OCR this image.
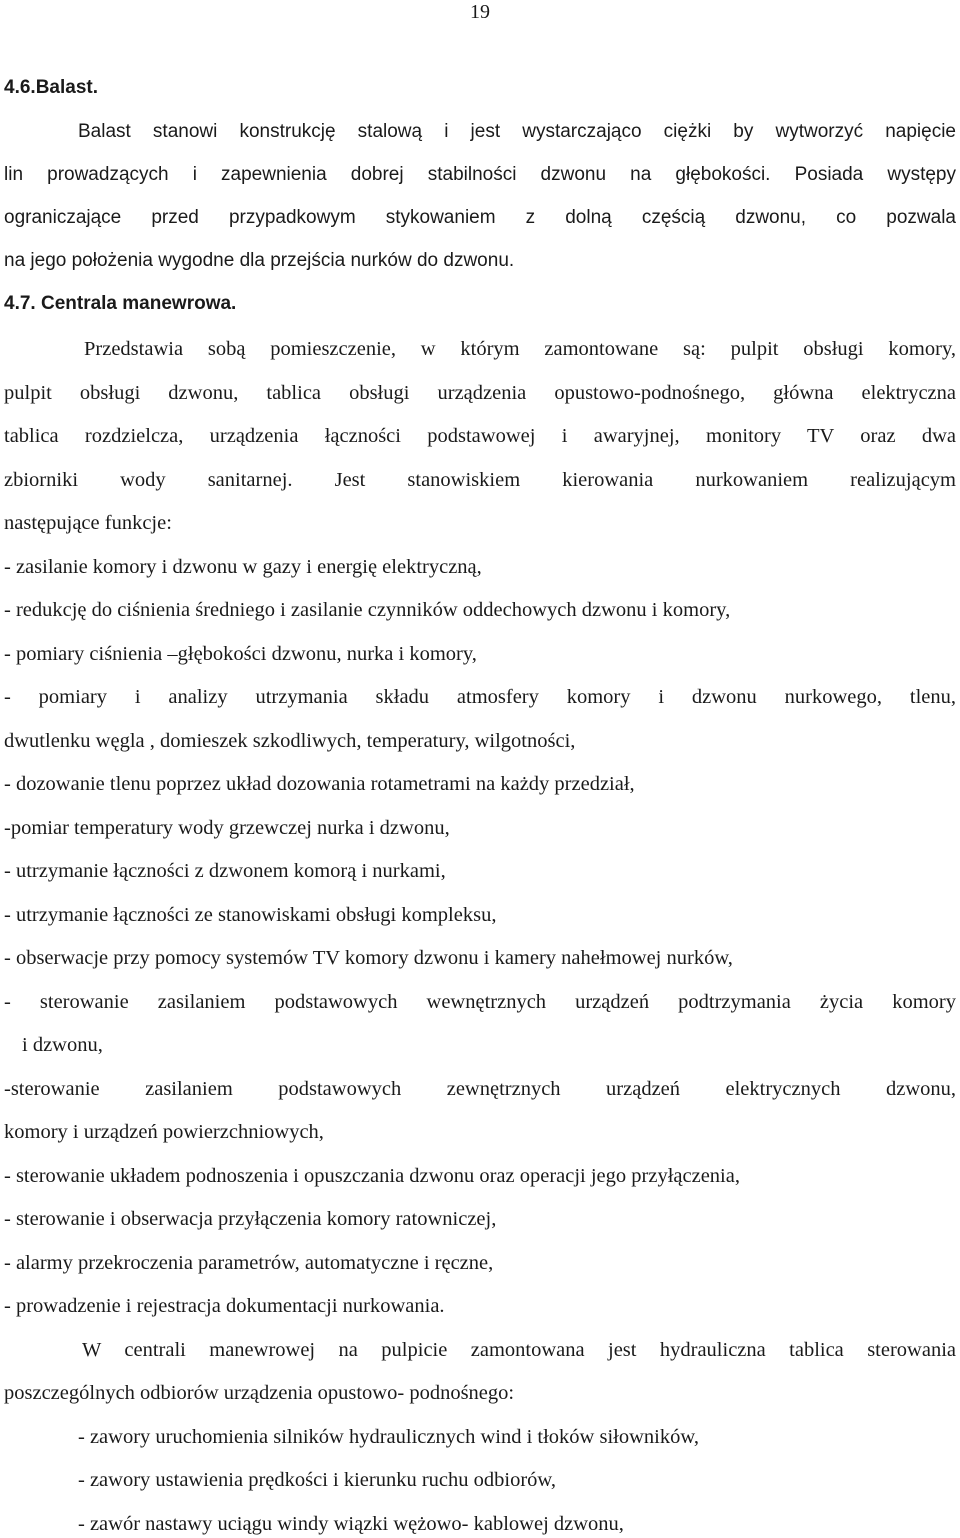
19
4.6.Balast.
Balast stanowi konstrukcję stalową i jest wystarczająco ciężki by wytworzyć napięcie
lin prowadzących i zapewnienia dobrej stabilności dzwonu na głębokości. Posiada występy
ograniczające przed przypadkowym stykowaniem z dolną częścią dzwonu, co pozwala
na jego położenia wygodne dla przejścia nurków do dzwonu.
4.7. Centrala manewrowa.
Przedstawia sobą pomieszczenie, w którym zamontowane są: pulpit obsługi komory,
pulpit obsługi dzwonu, tablica obsługi urządzenia opustowo-podnośnego, główna elektryczna
tablica rozdzielcza, urządzenia łączności podstawowej i awaryjnej, monitory TV oraz dwa
zbiorniki wody sanitarnej. Jest stanowiskiem kierowania nurkowaniem realizującym
następujące funkcje:
- zasilanie komory i dzwonu w gazy i energię elektryczną,
- redukcję do ciśnienia średniego i zasilanie czynników oddechowych dzwonu i komory,
- pomiary ciśnienia –głębokości dzwonu, nurka i komory,
- pomiary i analizy utrzymania składu atmosfery komory i dzwonu nurkowego, tlenu,
dwutlenku węgla , domieszek szkodliwych, temperatury, wilgotności,
- dozowanie tlenu poprzez układ dozowania rotametrami na każdy przedział,
-pomiar temperatury wody grzewczej nurka i dzwonu,
- utrzymanie łączności z dzwonem komorą i nurkami,
- utrzymanie łączności ze stanowiskami obsługi kompleksu,
- obserwacje przy pomocy systemów TV komory dzwonu i kamery nahełmowej nurków,
- sterowanie zasilaniem podstawowych wewnętrznych urządzeń podtrzymania życia komory
i dzwonu,
-sterowanie zasilaniem podstawowych zewnętrznych urządzeń elektrycznych dzwonu,
komory i urządzeń powierzchniowych,
- sterowanie układem podnoszenia i opuszczania dzwonu oraz operacji jego przyłączenia,
- sterowanie i obserwacja przyłączenia komory ratowniczej,
- alarmy przekroczenia parametrów, automatyczne i ręczne,
- prowadzenie i rejestracja dokumentacji nurkowania.
W centrali manewrowej na pulpicie zamontowana jest hydrauliczna tablica sterowania
poszczególnych odbiorów urządzenia opustowo- podnośnego:
- zawory uruchomienia silników hydraulicznych wind i tłoków siłowników,
- zawory ustawienia prędkości i kierunku ruchu odbiorów,
- zawór nastawy uciągu windy wiązki wężowo- kablowej dzwonu,
